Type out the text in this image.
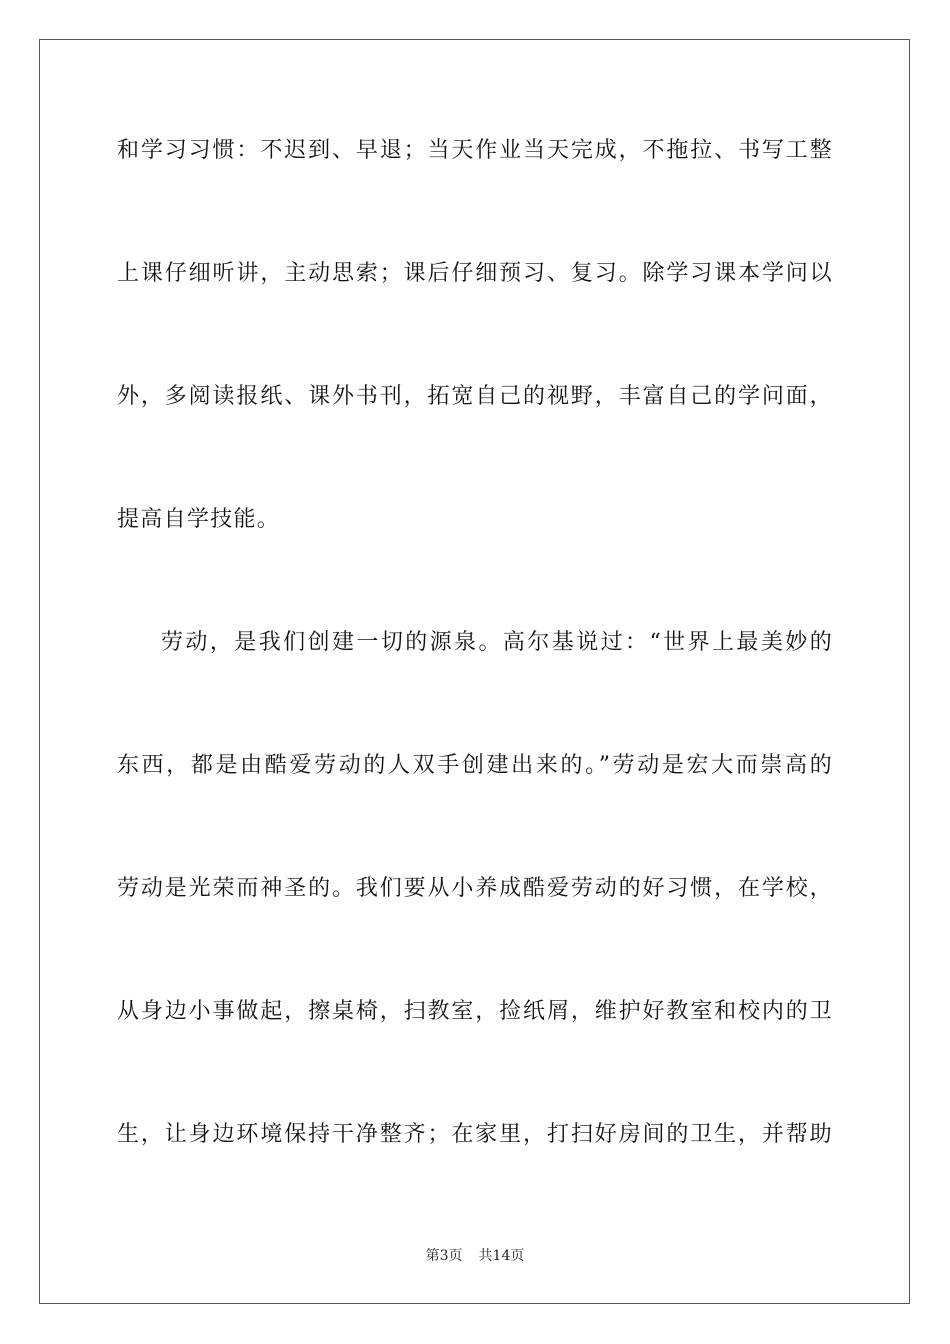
和学习习惯：不迟到、早退；当天作业当天完成，不拖拉、书写工整
上课仔细听讲，主动思索；课后仔细预习、复习。除学习课本学问以
外，多阅读报纸、课外书刊，拓宽自己的视野，丰富自己的学问面，
提高自学技能。
劳动，是我们创建一切的源泉。高尔基说过：“世界上最美妙的
东西，都是由酷爱劳动的人双手创建出来的。”劳动是宏大而崇高的
劳动是光荣而神圣的。我们要从小养成酷爱劳动的好习惯，在学校，
从身边小事做起，擦桌椅，扫教室，捡纸屑，维护好教室和校内的卫
生，让身边环境保持干净整齐；在家里，打扫好房间的卫生，并帮助
第3页 共14页
